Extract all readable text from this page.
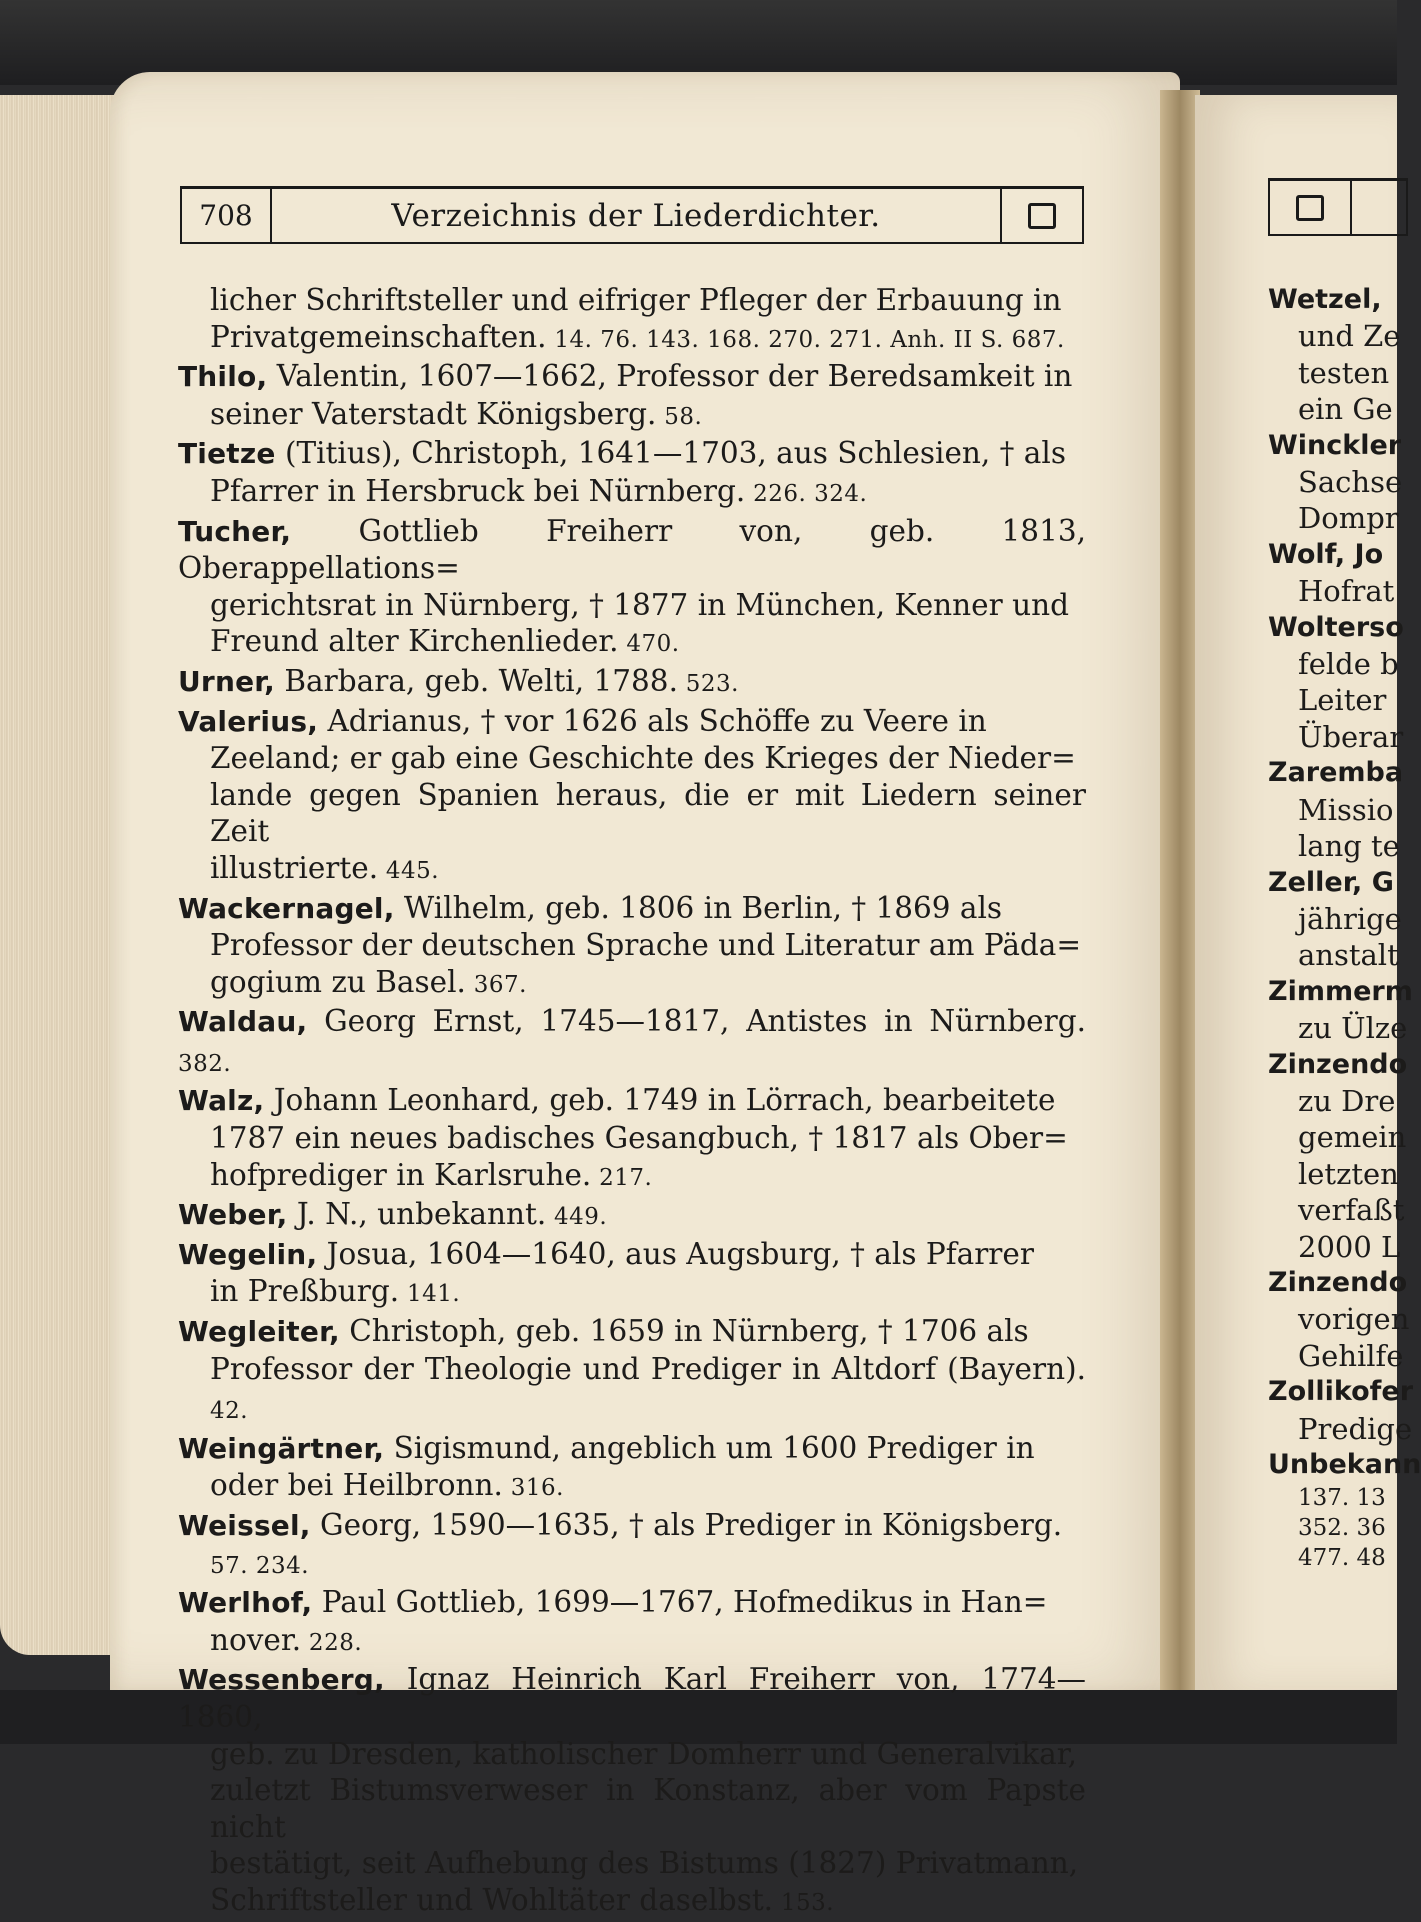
708	Verzeichnis der Liederdichter.
licher Schriftsteller und eifriger Pfleger der Erbauung in
Privatgemeinschaften. 14. 76. 143. 168. 270. 271. Anh. II S. 687.
Thilo, Valentin, 1607—1662, Professor der Beredsamkeit in
seiner Vaterstadt Königsberg. 58.
Tietze (Titius), Christoph, 1641—1703, aus Schlesien, † als
Pfarrer in Hersbruck bei Nürnberg. 226. 324.
Tucher, Gottlieb Freiherr von, geb. 1813, Oberappellations=
gerichtsrat in Nürnberg, † 1877 in München, Kenner und
Freund alter Kirchenlieder. 470.
Urner, Barbara, geb. Welti, 1788. 523.
Valerius, Adrianus, † vor 1626 als Schöffe zu Veere in
Zeeland; er gab eine Geschichte des Krieges der Nieder=
lande gegen Spanien heraus, die er mit Liedern seiner Zeit
illustrierte. 445.
Wackernagel, Wilhelm, geb. 1806 in Berlin, † 1869 als
Professor der deutschen Sprache und Literatur am Päda=
gogium zu Basel. 367.
Waldau, Georg Ernst, 1745—1817, Antistes in Nürnberg. 382.
Walz, Johann Leonhard, geb. 1749 in Lörrach, bearbeitete
1787 ein neues badisches Gesangbuch, † 1817 als Ober=
hofprediger in Karlsruhe. 217.
Weber, J. N., unbekannt. 449.
Wegelin, Josua, 1604—1640, aus Augsburg, † als Pfarrer
in Preßburg. 141.
Wegleiter, Christoph, geb. 1659 in Nürnberg, † 1706 als
Professor der Theologie und Prediger in Altdorf (Bayern). 42.
Weingärtner, Sigismund, angeblich um 1600 Prediger in
oder bei Heilbronn. 316.
Weissel, Georg, 1590—1635, † als Prediger in Königsberg.
57. 234.
Werlhof, Paul Gottlieb, 1699—1767, Hofmedikus in Han=
nover. 228.
Wessenberg, Ignaz Heinrich Karl Freiherr von, 1774—1860,
geb. zu Dresden, katholischer Domherr und Generalvikar,
zuletzt Bistumsverweser in Konstanz, aber vom Papste nicht
bestätigt, seit Aufhebung des Bistums (1827) Privatmann,
Schriftsteller und Wohltäter daselbst. 153.
Wetzel,
und Ze
testen
ein Ge
Winckler
Sachse
Dompr
Wolf, Jo
Hofrat
Wolterso
felde b
Leiter
Überar
Zaremba
Missio
lang te
Zeller, G
jährige
anstalt
Zimmerm
zu Ülze
Zinzendo
zu Dre
gemein
letzten
verfaßt
2000 L
Zinzendo
vorigen
Gehilfe
Zollikofer
Predige
Unbekann
137. 13
352. 36
477. 48
